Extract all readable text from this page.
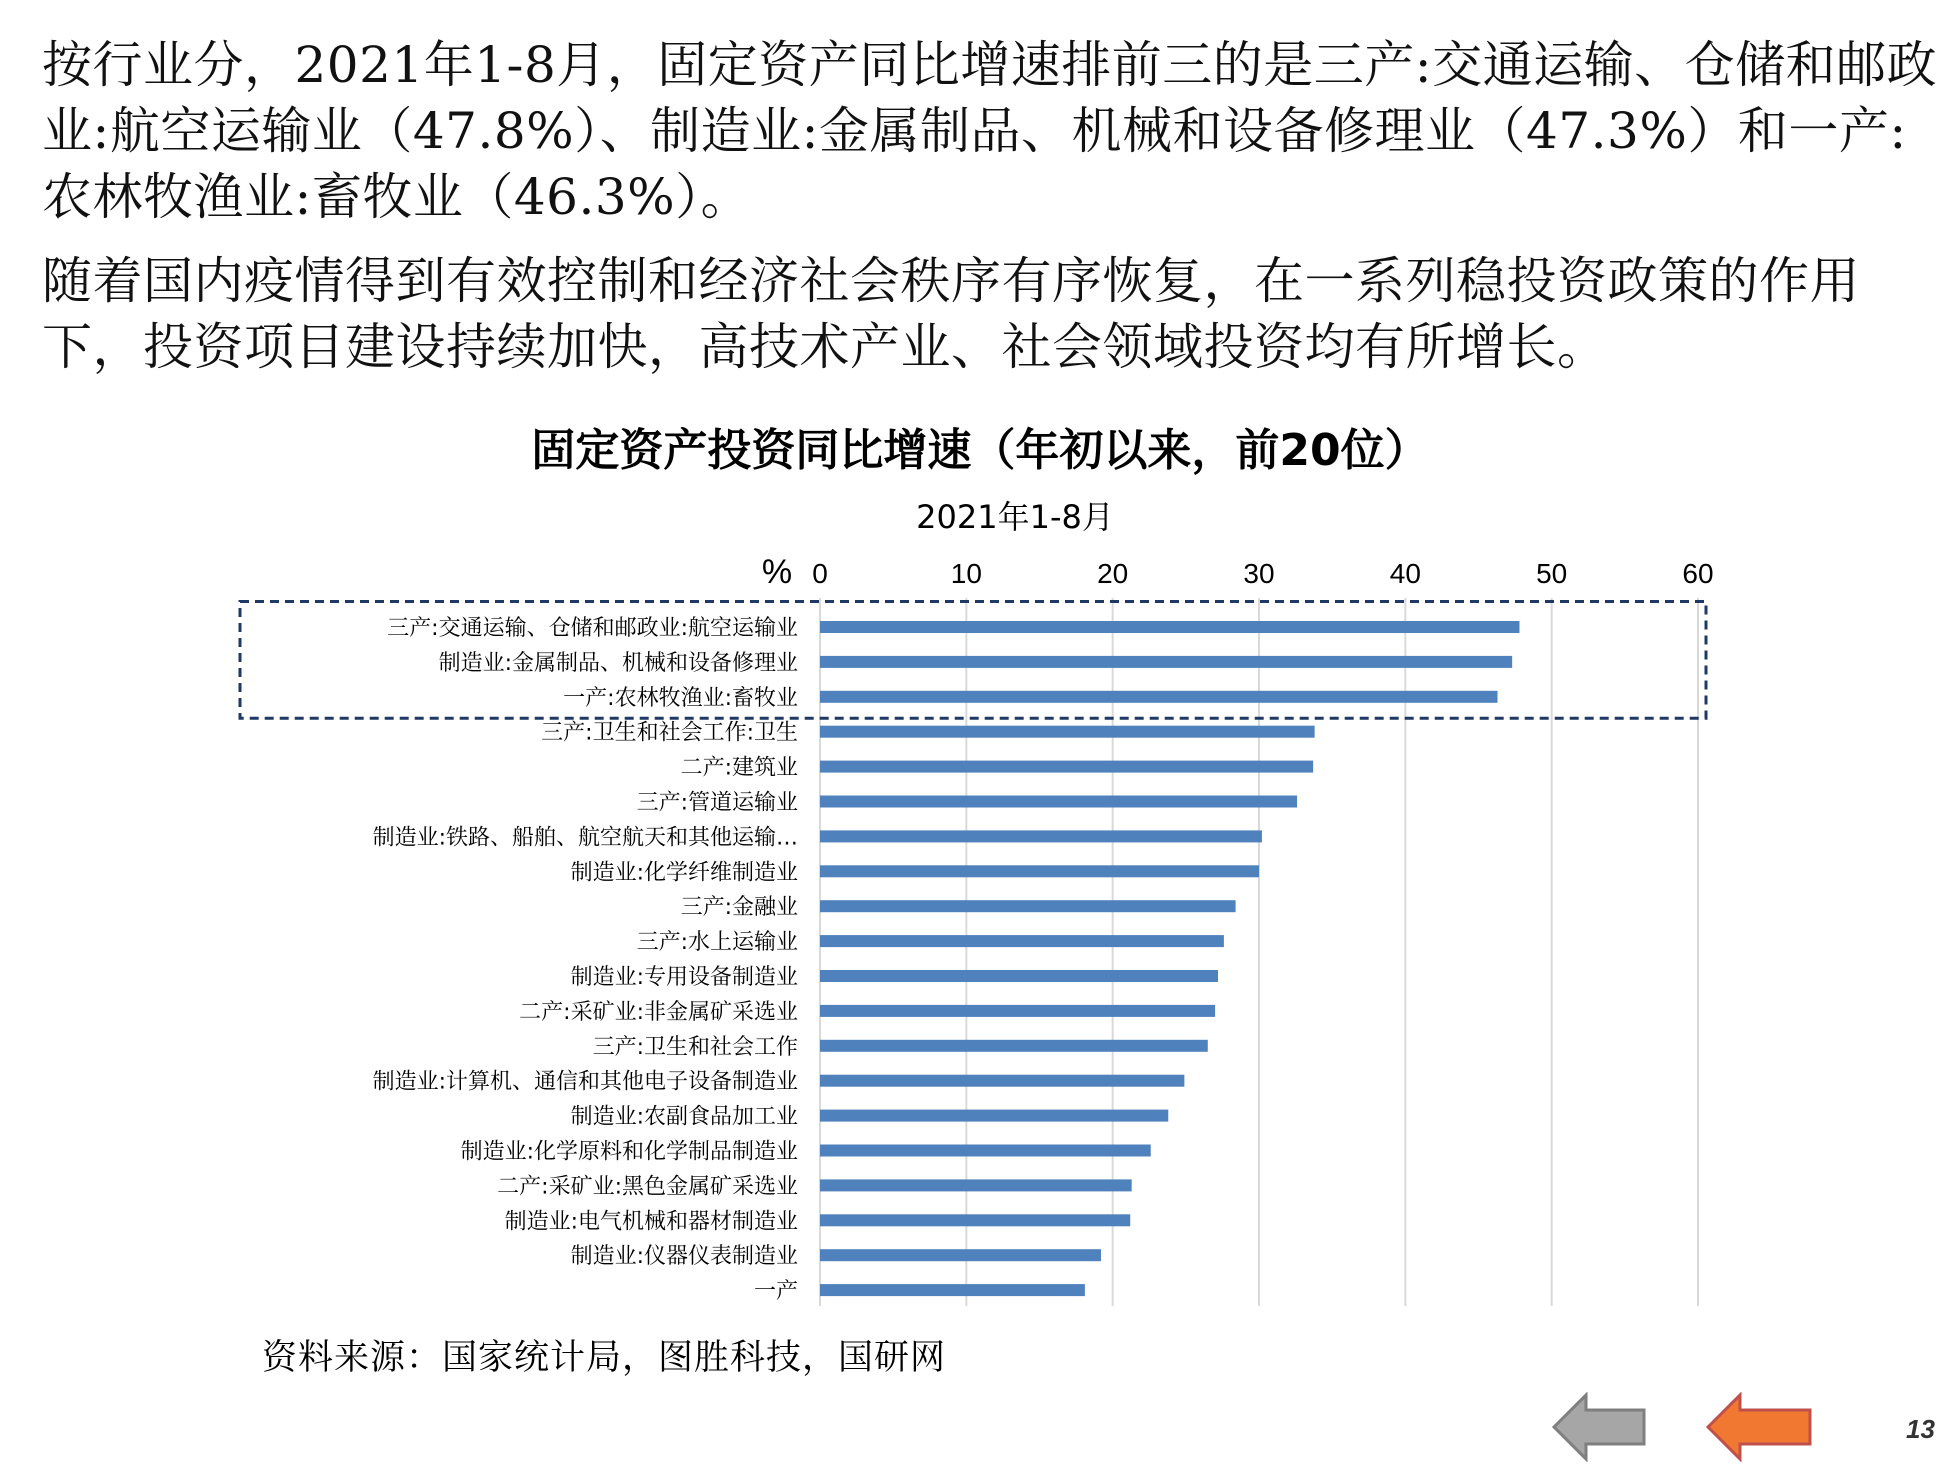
按行业分，2021年1-8月，固定资产同比增速排前三的是三产:交通运输、仓储和邮政业:航空运输业（47.8%）、制造业:金属制品、机械和设备修理业（47.3%）和一产:农林牧渔业:畜牧业（46.3%）。
随着国内疫情得到有效控制和经济社会秩序有序恢复，在一系列稳投资政策的作用下，投资项目建设持续加快，高技术产业、社会领域投资均有所增长。
固定资产投资同比增速（年初以来，前20位）
2021年1-8月
% 0	10	20	30	40	50	60
三产:交通运输、仓储和邮政业:航空运输业
制造业:金属制品、机械和设备修理业
一产:农林牧渔业:畜牧业
三产:卫生和社会工作:卫生
二产:建筑业
三产:管道运输业
制造业:铁路、船舶、航空航天和其他运输…
制造业:化学纤维制造业
三产:金融业
三产:水上运输业
制造业:专用设备制造业
二产:采矿业:非金属矿采选业
三产:卫生和社会工作
制造业:计算机、通信和其他电子设备制造业
制造业:农副食品加工业
制造业:化学原料和化学制品制造业
二产:采矿业:黑色金属矿采选业
制造业:电气机械和器材制造业
制造业:仪器仪表制造业
一产
资料来源：国家统计局，图胜科技，国研网
13
